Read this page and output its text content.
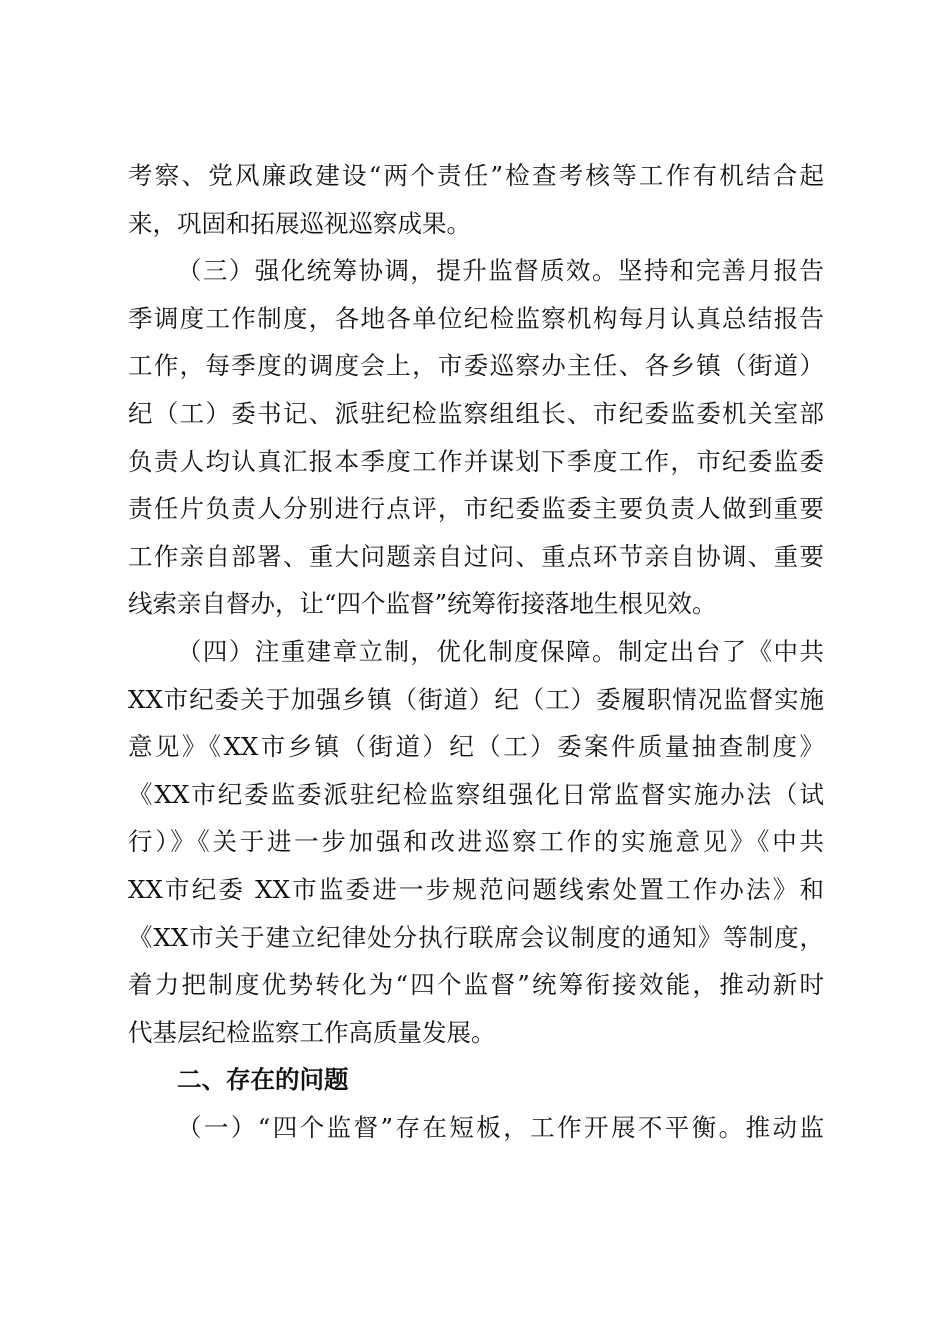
考察、党风廉政建设“两个责任”检查考核等工作有机结合起
来，巩固和拓展巡视巡察成果。
（三）强化统筹协调，提升监督质效。坚持和完善月报告
季调度工作制度，各地各单位纪检监察机构每月认真总结报告
工作，每季度的调度会上，市委巡察办主任、各乡镇（街道）
纪（工）委书记、派驻纪检监察组组长、市纪委监委机关室部
负责人均认真汇报本季度工作并谋划下季度工作，市纪委监委
责任片负责人分别进行点评，市纪委监委主要负责人做到重要
工作亲自部署、重大问题亲自过问、重点环节亲自协调、重要
线索亲自督办，让“四个监督”统筹衔接落地生根见效。
（四）注重建章立制，优化制度保障。制定出台了《中共
XX市纪委关于加强乡镇（街道）纪（工）委履职情况监督实施
意见》《XX市乡镇（街道）纪（工）委案件质量抽查制度》
《XX市纪委监委派驻纪检监察组强化日常监督实施办法（试
行）》《关于进一步加强和改进巡察工作的实施意见》《中共
XX市纪委 XX市监委进一步规范问题线索处置工作办法》和
《XX市关于建立纪律处分执行联席会议制度的通知》等制度，
着力把制度优势转化为“四个监督”统筹衔接效能，推动新时
代基层纪检监察工作高质量发展。
二、存在的问题
（一）“四个监督”存在短板，工作开展不平衡。推动监
